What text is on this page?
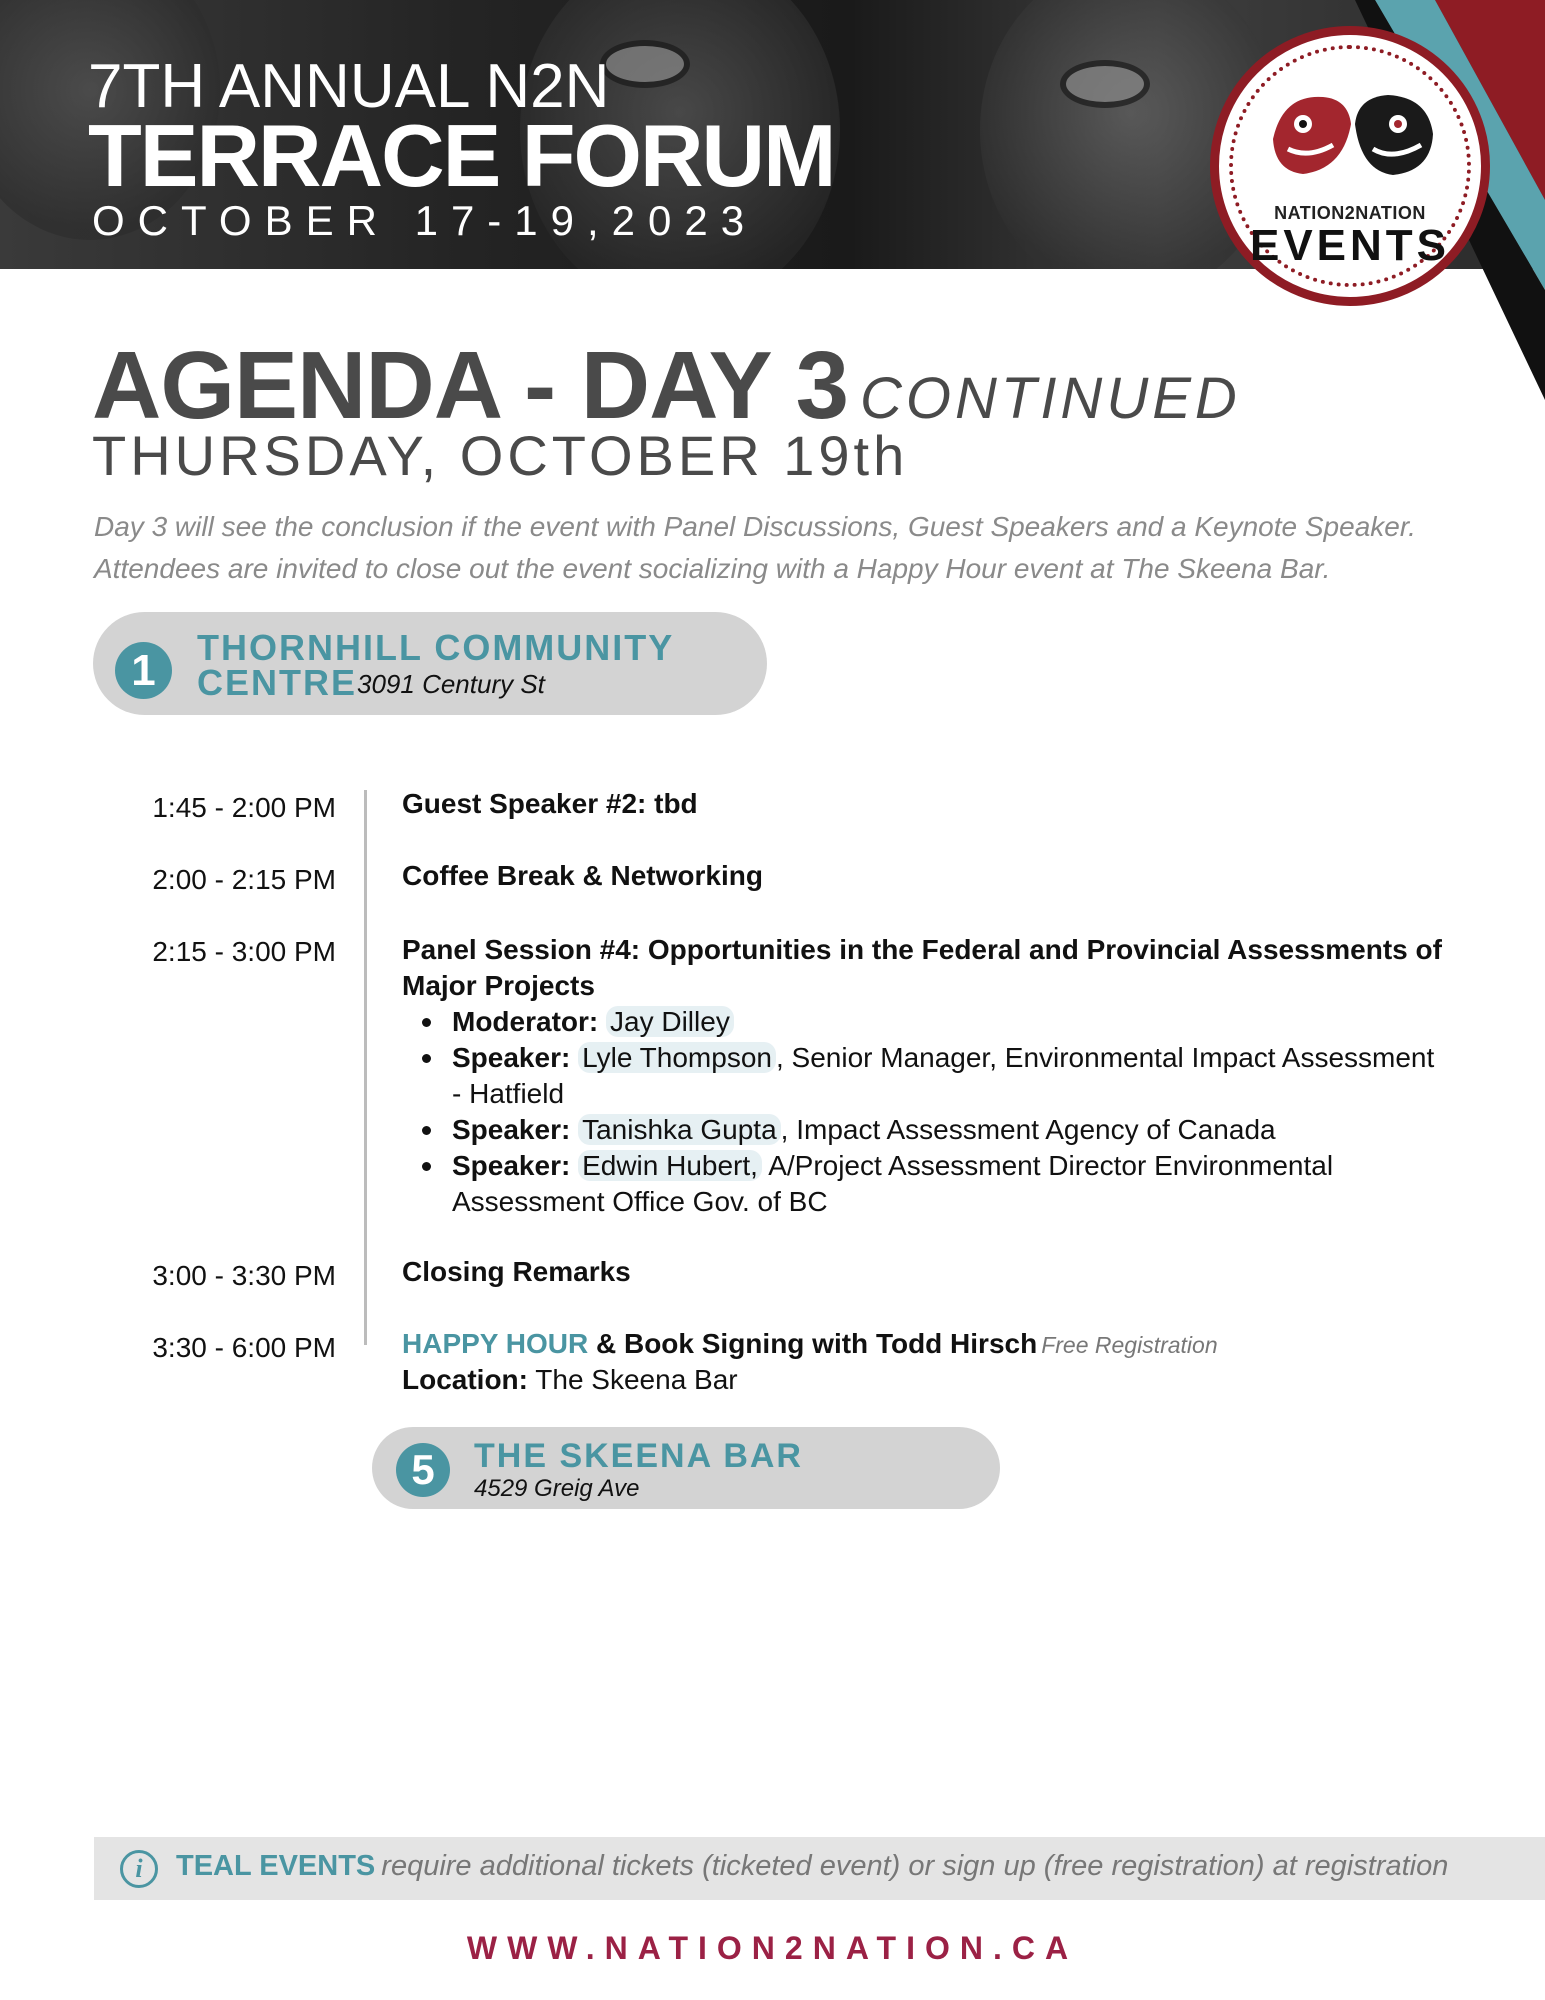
7TH ANNUAL N2N
TERRACE FORUM
OCTOBER 17-19,2023	NATION2NATION
EVENTS
AGENDA - DAY 3 CONTINUED
THURSDAY, OCTOBER 19th
Day 3 will see the conclusion if the event with Panel Discussions, Guest Speakers and a Keynote Speaker.
Attendees are invited to close out the event socializing with a Happy Hour event at The Skeena Bar.
1	THORNHILL COMMUNITY
CENTRE 3091 Century St
1:45 - 2:00 PM Guest Speaker #2: tbd
2:00 - 2:15 PM Coffee Break & Networking
2:15 - 3:00 PM Panel Session #4: Opportunities in the Federal and Provincial Assessments of Major Projects
Moderator: Jay Dilley
Speaker: Lyle Thompson , Senior Manager, Environmental Impact Assessment - Hatfield
Speaker: Tanishka Gupta , Impact Assessment Agency of Canada
Speaker: Edwin Hubert, A/Project Assessment Director Environmental Assessment Office Gov. of BC
3:00 - 3:30 PM Closing Remarks
3:30 - 6:00 PM HAPPY HOUR & Book Signing with Todd Hirsch Free Registration
Location: The Skeena Bar
5	THE SKEENA BAR
4529 Greig Ave
i	TEAL EVENTS require additional tickets (ticketed event) or sign up (free registration) at registration
WWW.NATION2NATION.CA
